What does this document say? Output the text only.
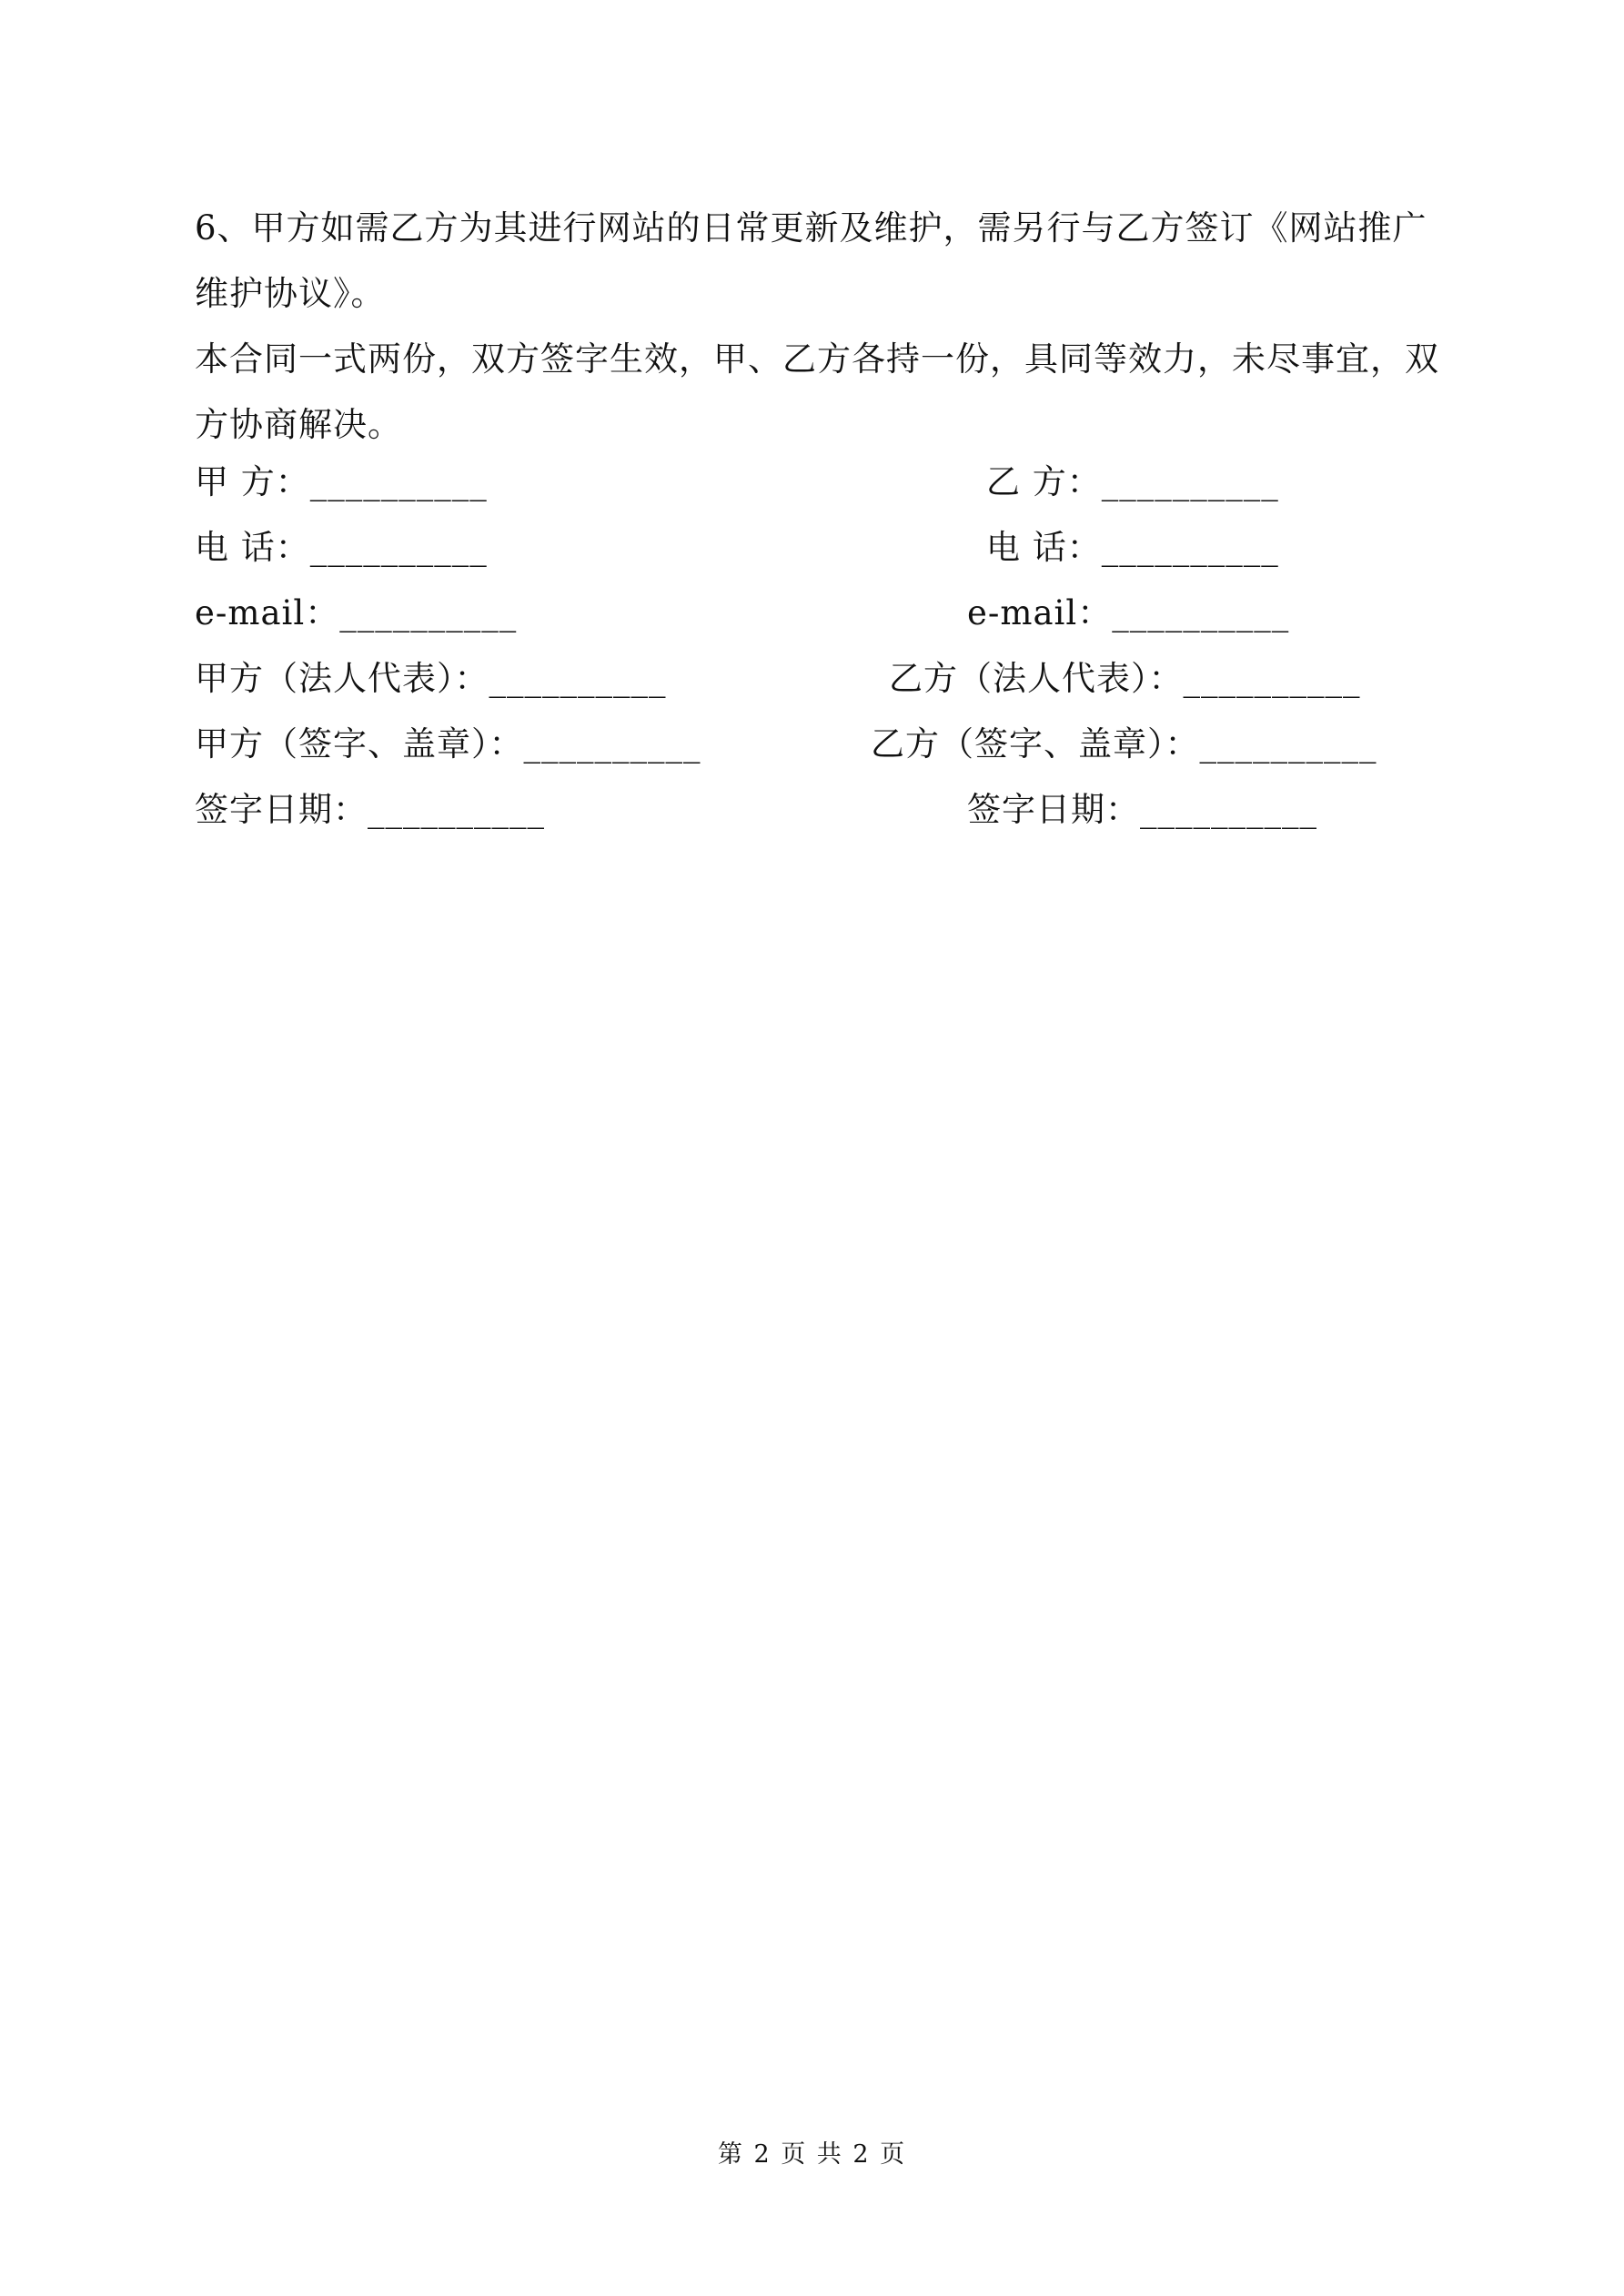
6、甲方如需乙方为其进行网站的日常更新及维护，需另行与乙方签订《网站推广维护协议》。

本合同一式两份，双方签字生效，甲、乙方各持一份，具同等效力，未尽事宜，双方协商解决。

甲 方：__________
电 话：__________
e-mail：__________
甲方（法人代表）：__________
甲方（签字、盖章）：__________
签字日期：__________
乙 方：__________
电 话：__________
e-mail：__________
乙方（法人代表）：__________
乙方（签字、盖章）：__________
签字日期：__________
第 2 页 共 2 页
